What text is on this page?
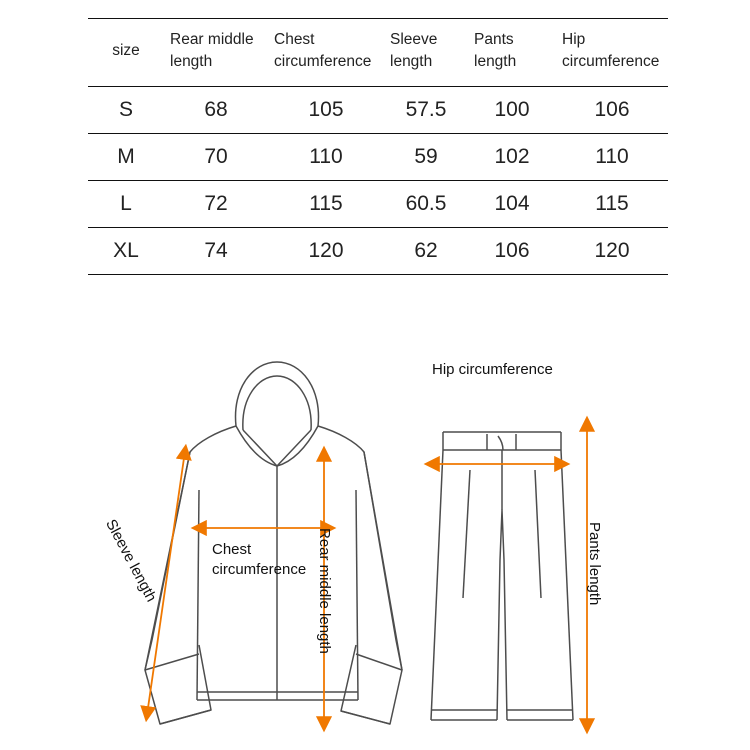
size	Rear middle length	Chest circumference	Sleeve length	Pants length	Hip circumference

S	68	105	57.5	100	106
M	70	110	59	102	110
L	72	115	60.5	104	115
XL	74	120	62	106	120
Sleeve length	Chest circumference Rear middle length
Hip circumference
Pants length
